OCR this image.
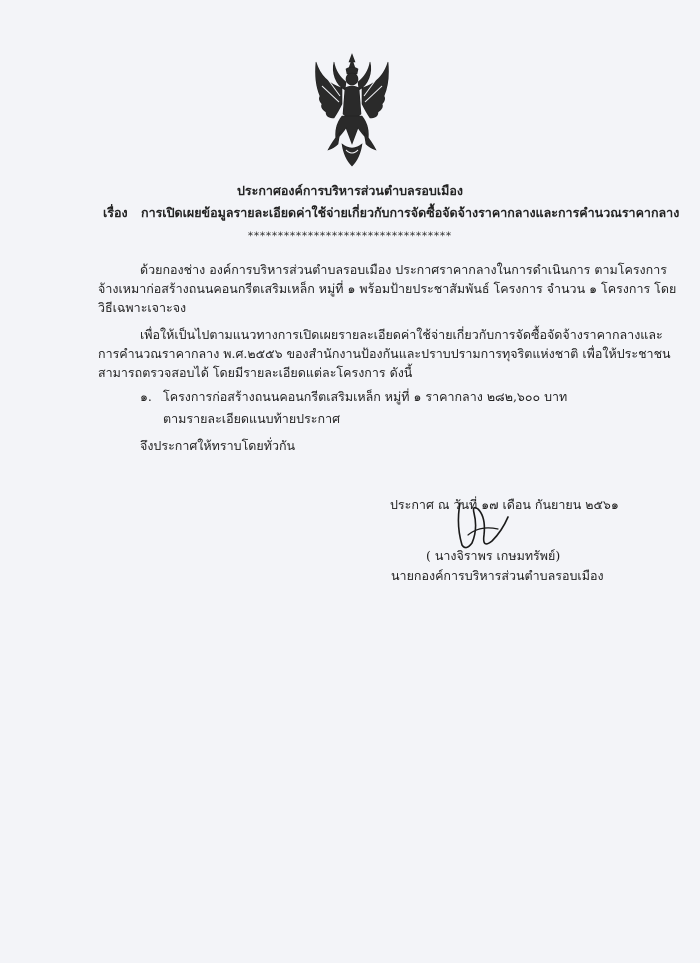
ประกาศองค์การบริหารส่วนตำบลรอบเมือง
เรื่อง การเปิดเผยข้อมูลรายละเอียดค่าใช้จ่ายเกี่ยวกับการจัดซื้อจัดจ้างราคากลางและการคำนวณราคากลาง
**********************************
ด้วยกองช่าง องค์การบริหารส่วนตำบลรอบเมือง ประกาศราคากลางในการดำเนินการ ตามโครงการ
จ้างเหมาก่อสร้างถนนคอนกรีตเสริมเหล็ก หมู่ที่ ๑ พร้อมป้ายประชาสัมพันธ์ โครงการ จำนวน ๑ โครงการ โดย
วิธีเฉพาะเจาะจง
เพื่อให้เป็นไปตามแนวทางการเปิดเผยรายละเอียดค่าใช้จ่ายเกี่ยวกับการจัดซื้อจัดจ้างราคากลางและ
การคำนวณราคากลาง พ.ศ.๒๕๕๖ ของสำนักงานป้องกันและปราบปรามการทุจริตแห่งชาติ เพื่อให้ประชาชน
สามารถตรวจสอบได้ โดยมีรายละเอียดแต่ละโครงการ ดังนี้
๑. โครงการก่อสร้างถนนคอนกรีตเสริมเหล็ก หมู่ที่ ๑ ราคากลาง ๒๘๒,๖๐๐ บาท
ตามรายละเอียดแนบท้ายประกาศ
จึงประกาศให้ทราบโดยทั่วกัน
ประกาศ ณ วันที่ ๑๗ เดือน กันยายน ๒๕๖๑
( นางจิราพร เกษมทรัพย์)
นายกองค์การบริหารส่วนตำบลรอบเมือง
